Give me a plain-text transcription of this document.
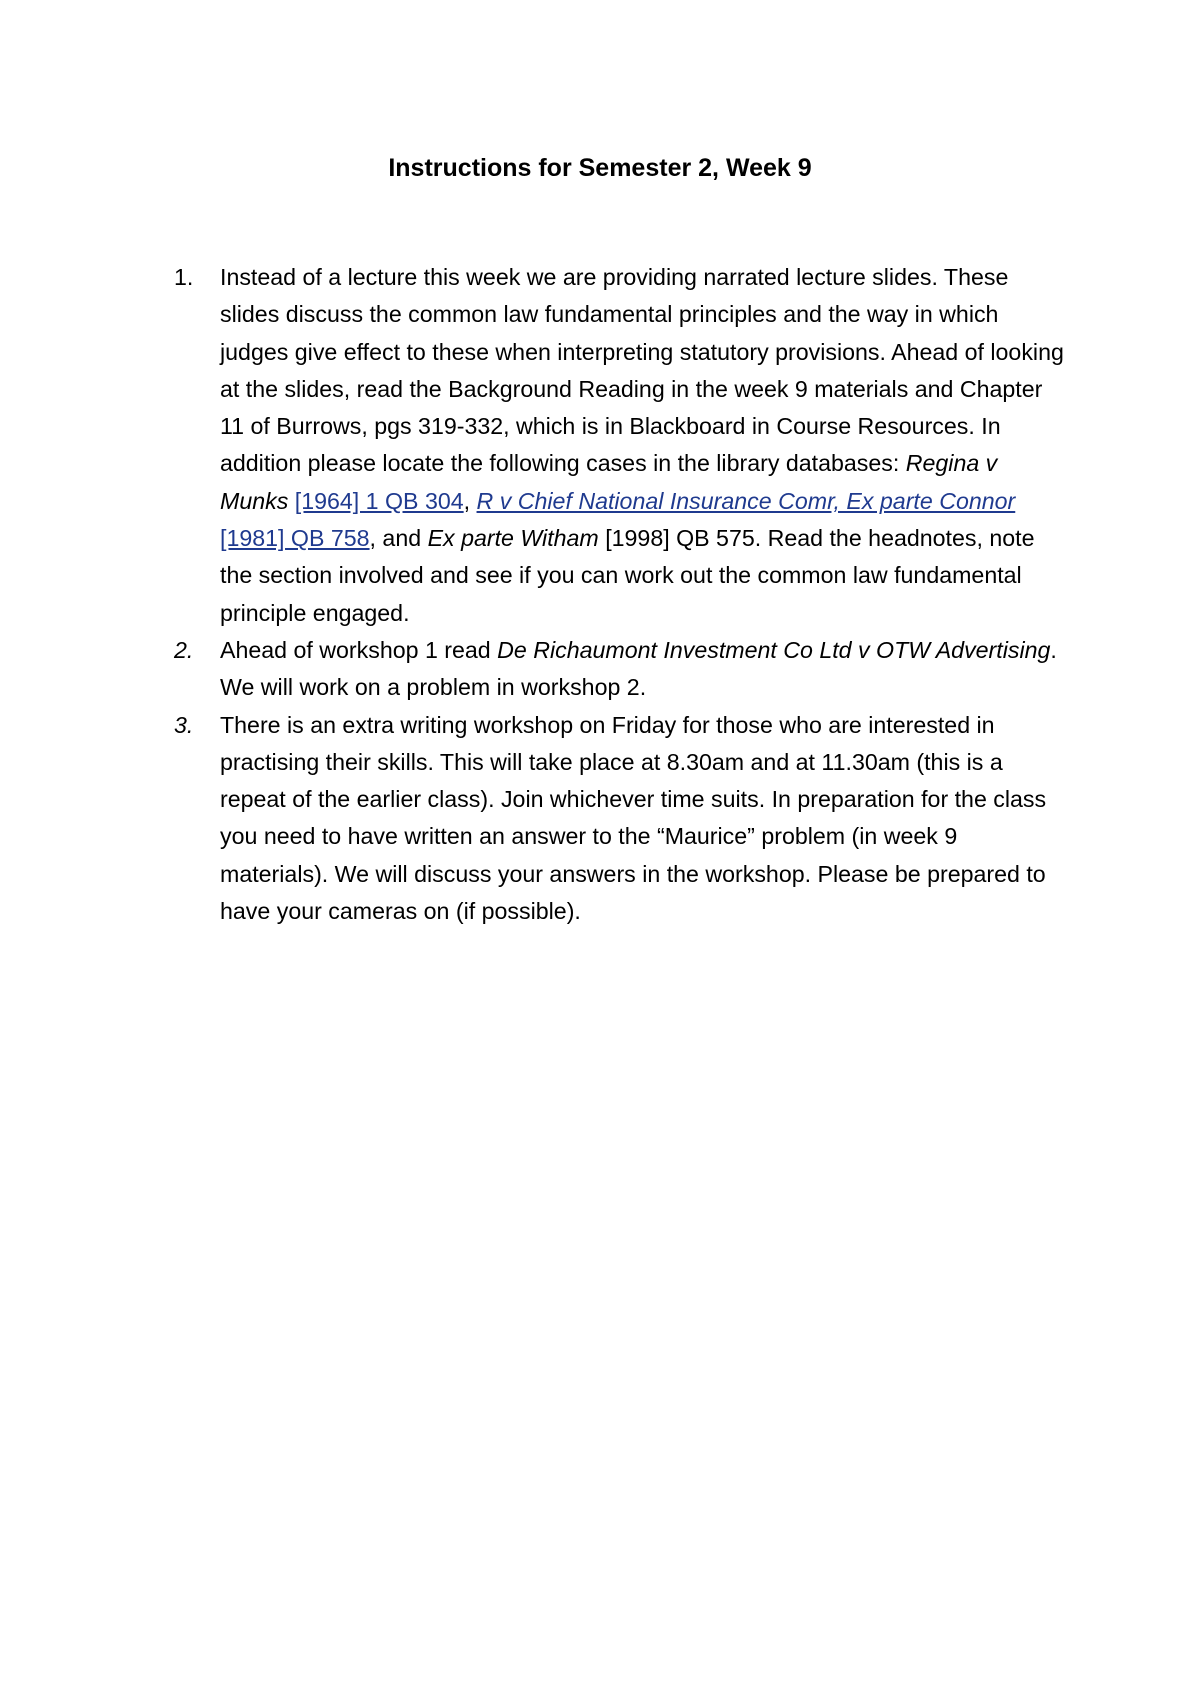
Instructions for Semester 2, Week 9
1. Instead of a lecture this week we are providing narrated lecture slides. These slides discuss the common law fundamental principles and the way in which judges give effect to these when interpreting statutory provisions. Ahead of looking at the slides, read the Background Reading in the week 9 materials and Chapter 11 of Burrows, pgs 319-332, which is in Blackboard in Course Resources. In addition please locate the following cases in the library databases: Regina v Munks [1964] 1 QB 304, R v Chief National Insurance Comr, Ex parte Connor [1981] QB 758, and Ex parte Witham [1998] QB 575. Read the headnotes, note the section involved and see if you can work out the common law fundamental principle engaged.
2. Ahead of workshop 1 read De Richaumont Investment Co Ltd v OTW Advertising. We will work on a problem in workshop 2.
3. There is an extra writing workshop on Friday for those who are interested in practising their skills. This will take place at 8.30am and at 11.30am (this is a repeat of the earlier class). Join whichever time suits. In preparation for the class you need to have written an answer to the “Maurice” problem (in week 9 materials). We will discuss your answers in the workshop. Please be prepared to have your cameras on (if possible).
